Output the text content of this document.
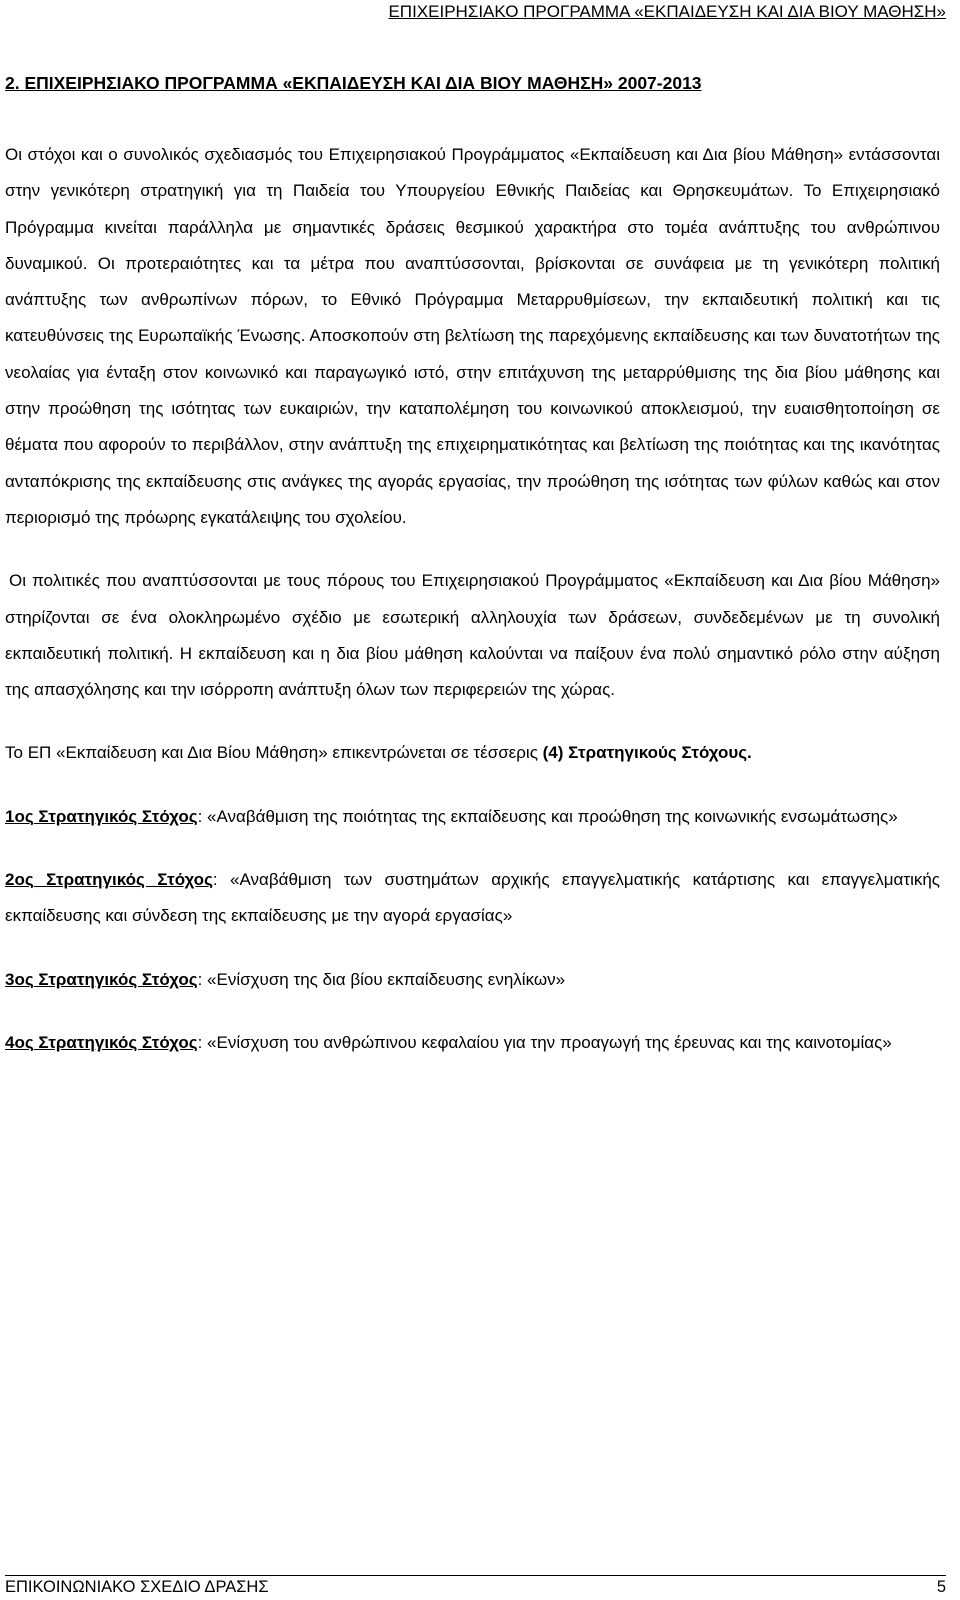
ΕΠΙΧΕΙΡΗΣΙΑΚΟ ΠΡΟΓΡΑΜΜΑ «ΕΚΠΑΙΔΕΥΣΗ ΚΑΙ ΔΙΑ ΒΙΟΥ ΜΑΘΗΣΗ»
2. ΕΠΙΧΕΙΡΗΣΙΑΚΟ ΠΡΟΓΡΑΜΜΑ «ΕΚΠΑΙΔΕΥΣΗ ΚΑΙ ΔΙΑ ΒΙΟΥ ΜΑΘΗΣΗ» 2007-2013

Οι στόχοι και ο συνολικός σχεδιασμός του Επιχειρησιακού Προγράμματος «Εκπαίδευση και Δια βίου Μάθηση» εντάσσονται στην γενικότερη στρατηγική για τη Παιδεία του Υπουργείου Εθνικής Παιδείας και Θρησκευμάτων. Το Επιχειρησιακό Πρόγραμμα κινείται παράλληλα με σημαντικές δράσεις θεσμικού χαρακτήρα στο τομέα ανάπτυξης του ανθρώπινου δυναμικού. Οι προτεραιότητες και τα μέτρα που αναπτύσσονται, βρίσκονται σε συνάφεια με τη γενικότερη πολιτική ανάπτυξης των ανθρωπίνων πόρων, το Εθνικό Πρόγραμμα Μεταρρυθμίσεων, την εκπαιδευτική πολιτική και τις κατευθύνσεις της Ευρωπαϊκής Ένωσης. Αποσκοπούν στη βελτίωση της παρεχόμενης εκπαίδευσης και των δυνατοτήτων της νεολαίας για ένταξη στον κοινωνικό και παραγωγικό ιστό, στην επιτάχυνση της μεταρρύθμισης της δια βίου μάθησης και στην προώθηση της ισότητας των ευκαιριών, την καταπολέμηση του κοινωνικού αποκλεισμού, την ευαισθητοποίηση σε θέματα που αφορούν το περιβάλλον, στην ανάπτυξη της επιχειρηματικότητας και βελτίωση της ποιότητας και της ικανότητας ανταπόκρισης της εκπαίδευσης στις ανάγκες της αγοράς εργασίας, την προώθηση της ισότητας των φύλων καθώς και στον περιορισμό της πρόωρης εγκατάλειψης του σχολείου.

Οι πολιτικές που αναπτύσσονται με τους πόρους του Επιχειρησιακού Προγράμματος «Εκπαίδευση και Δια βίου Μάθηση» στηρίζονται σε ένα ολοκληρωμένο σχέδιο με εσωτερική αλληλουχία των δράσεων, συνδεδεμένων με τη συνολική εκπαιδευτική πολιτική. Η εκπαίδευση και η δια βίου μάθηση καλούνται να παίξουν ένα πολύ σημαντικό ρόλο στην αύξηση της απασχόλησης και την ισόρροπη ανάπτυξη όλων των περιφερειών της χώρας.

Το ΕΠ «Εκπαίδευση και Δια Βίου Μάθηση» επικεντρώνεται σε τέσσερις (4) Στρατηγικούς Στόχους.

1ος Στρατηγικός Στόχος: «Αναβάθμιση της ποιότητας της εκπαίδευσης και προώθηση της κοινωνικής ενσωμάτωσης»

2ος Στρατηγικός Στόχος: «Αναβάθμιση των συστημάτων αρχικής επαγγελματικής κατάρτισης και επαγγελματικής εκπαίδευσης και σύνδεση της εκπαίδευσης με την αγορά εργασίας»

3ος Στρατηγικός Στόχος: «Ενίσχυση της δια βίου εκπαίδευσης ενηλίκων»

4ος Στρατηγικός Στόχος: «Ενίσχυση του ανθρώπινου κεφαλαίου για την προαγωγή της έρευνας και της καινοτομίας»

ΕΠΙΚΟΙΝΩΝΙΑΚΟ ΣΧΕΔΙΟ ΔΡΑΣΗΣ	5
